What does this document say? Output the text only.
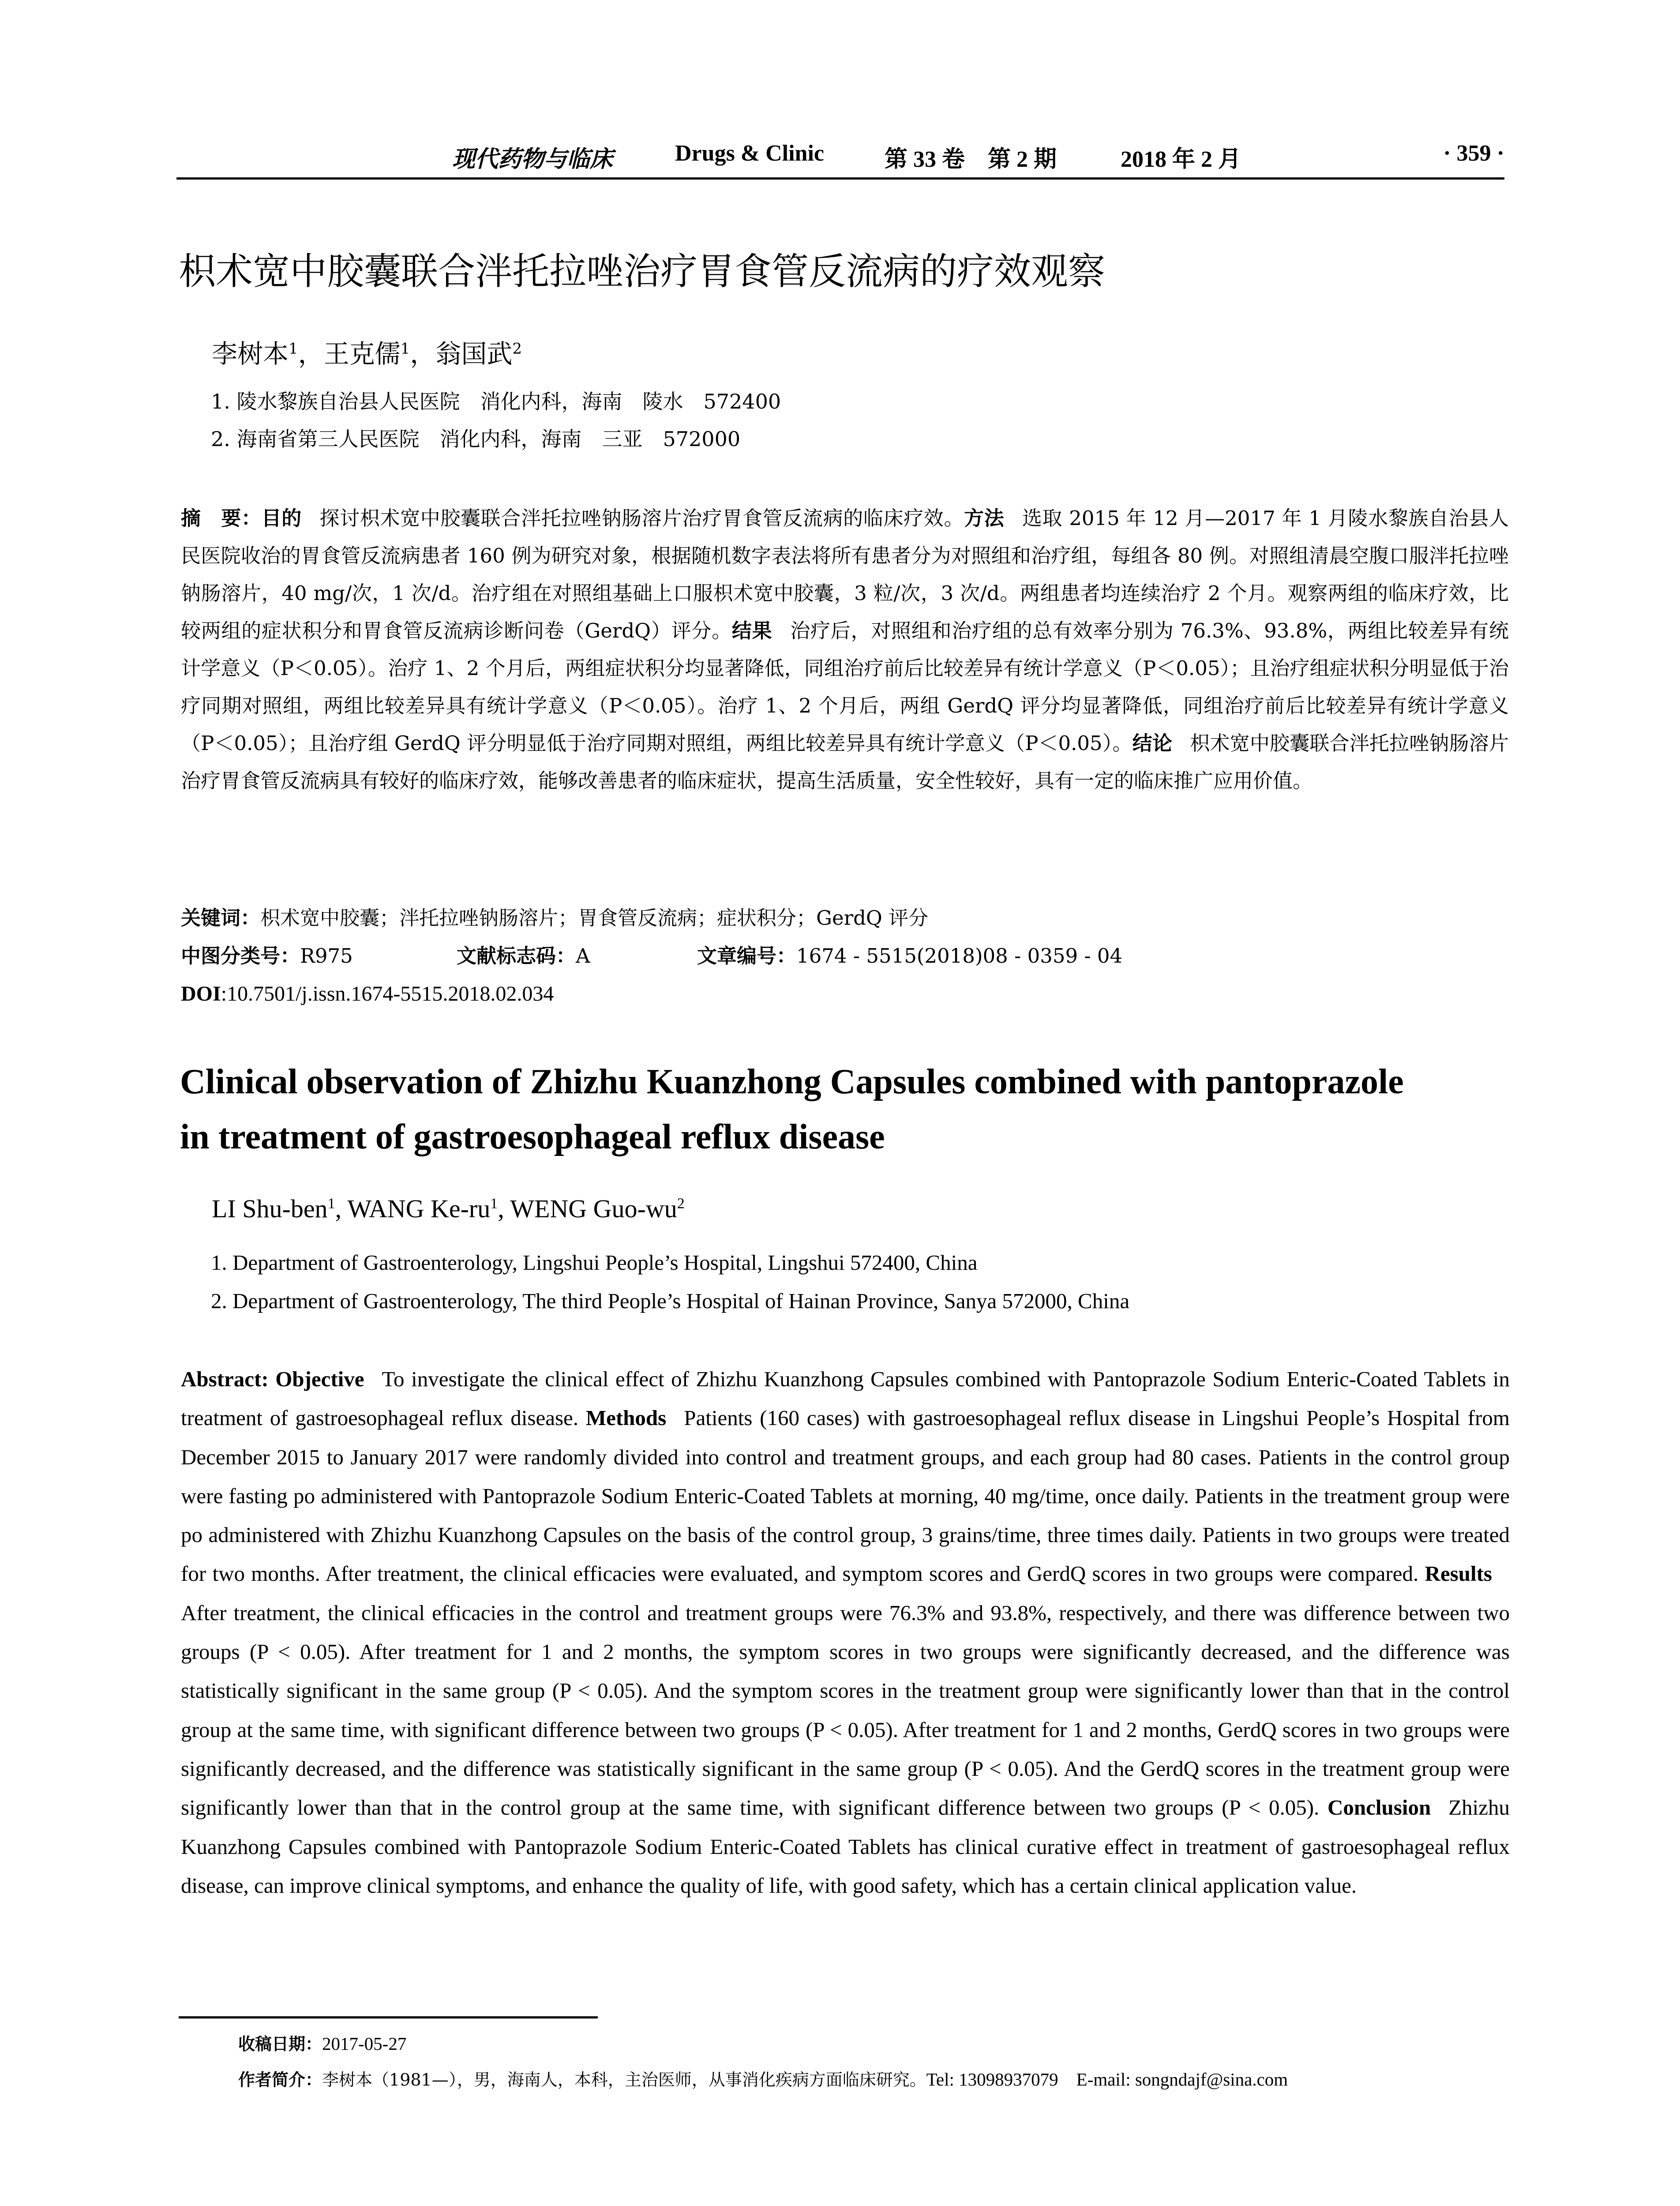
现代药物与临床	Drugs & Clinic	第 33 卷　第 2 期	2018 年 2 月	· 359 ·
枳术宽中胶囊联合泮托拉唑治疗胃食管反流病的疗效观察
李树本$^1$，王克儒$^1$，翁国武$^2$
1. 陵水黎族自治县人民医院　消化内科，海南　陵水　572400
2. 海南省第三人民医院　消化内科，海南　三亚　572000
摘　要：目的 探讨枳术宽中胶囊联合泮托拉唑钠肠溶片治疗胃食管反流病的临床疗效。方法 选取 2015 年 12 月—2017 年 1 月陵水黎族自治县人民医院收治的胃食管反流病患者 160 例为研究对象，根据随机数字表法将所有患者分为对照组和治疗组，每组各 80 例。对照组清晨空腹口服泮托拉唑钠肠溶片，40 mg/次，1 次/d。治疗组在对照组基础上口服枳术宽中胶囊，3 粒/次，3 次/d。两组患者均连续治疗 2 个月。观察两组的临床疗效，比较两组的症状积分和胃食管反流病诊断问卷（GerdQ）评分。结果 治疗后，对照组和治疗组的总有效率分别为 76.3%、93.8%，两组比较差异有统计学意义（P＜0.05）。治疗 1、2 个月后，两组症状积分均显著降低，同组治疗前后比较差异有统计学意义（P＜0.05）；且治疗组症状积分明显低于治疗同期对照组，两组比较差异具有统计学意义（P＜0.05）。治疗 1、2 个月后，两组 GerdQ 评分均显著降低，同组治疗前后比较差异有统计学意义（P＜0.05）；且治疗组 GerdQ 评分明显低于治疗同期对照组，两组比较差异具有统计学意义（P＜0.05）。结论 枳术宽中胶囊联合泮托拉唑钠肠溶片治疗胃食管反流病具有较好的临床疗效，能够改善患者的临床症状，提高生活质量，安全性较好，具有一定的临床推广应用价值。
关键词：枳术宽中胶囊；泮托拉唑钠肠溶片；胃食管反流病；症状积分；GerdQ 评分
中图分类号：R975	文献标志码：A	文章编号：1674 - 5515(2018)08 - 0359 - 04
DOI:10.7501/j.issn.1674-5515.2018.02.034
Clinical observation of Zhizhu Kuanzhong Capsules combined with pantoprazole
in treatment of gastroesophageal reflux disease
LI Shu-ben$^1$, WANG $Ke-ru^1$, WENG Guo-$wu^2$
1. Department of Gastroenterology, Lingshui People’s Hospital, Lingshui 572400, China
2. Department of Gastroenterology, The third People’s Hospital of Hainan Province, Sanya 572000, China
Abstract: Objective To investigate the clinical effect of Zhizhu Kuanzhong Capsules combined with Pantoprazole Sodium Enteric-Coated Tablets in treatment of gastroesophageal reflux disease. Methods Patients (160 cases) with gastroesophageal reflux disease in Lingshui People’s Hospital from December 2015 to January 2017 were randomly divided into control and treatment groups, and each group had 80 cases. Patients in the control group were fasting po administered with Pantoprazole Sodium Enteric-Coated Tablets at morning, 40 mg/time, once daily. Patients in the treatment group were po administered with Zhizhu Kuanzhong Capsules on the basis of the control group, 3 grains/time, three times daily. Patients in two groups were treated for two months. After treatment, the clinical efficacies were evaluated, and symptom scores and GerdQ scores in two groups were compared. ResultsAfter treatment, the clinical efficacies in the control and treatment groups were 76.3% and 93.8%, respectively, and there was difference between two groups (P < 0.05). After treatment for 1 and 2 months, the symptom scores in two groups were significantly decreased, and the difference was statistically significant in the same group (P < 0.05). And the symptom scores in the treatment group were significantly lower than that in the control group at the same time, with significant difference between two groups (P < 0.05). After treatment for 1 and 2 months, GerdQ scores in two groups were significantly decreased, and the difference was statistically significant in the same group (P < 0.05). And the GerdQ scores in the treatment group were significantly lower than that in the control group at the same time, with significant difference between two groups (P < 0.05). Conclusion Zhizhu Kuanzhong Capsules combined with Pantoprazole Sodium Enteric-Coated Tablets has clinical curative effect in treatment of gastroesophageal reflux disease, can improve clinical symptoms, and enhance the quality of life, with good safety, which has a certain clinical application value.
收稿日期：2017-05-27
作者简介：李树本（1981—），男，海南人，本科，主治医师，从事消化疾病方面临床研究。Tel: 13098937079　E-mail: songndajf@sina.com
